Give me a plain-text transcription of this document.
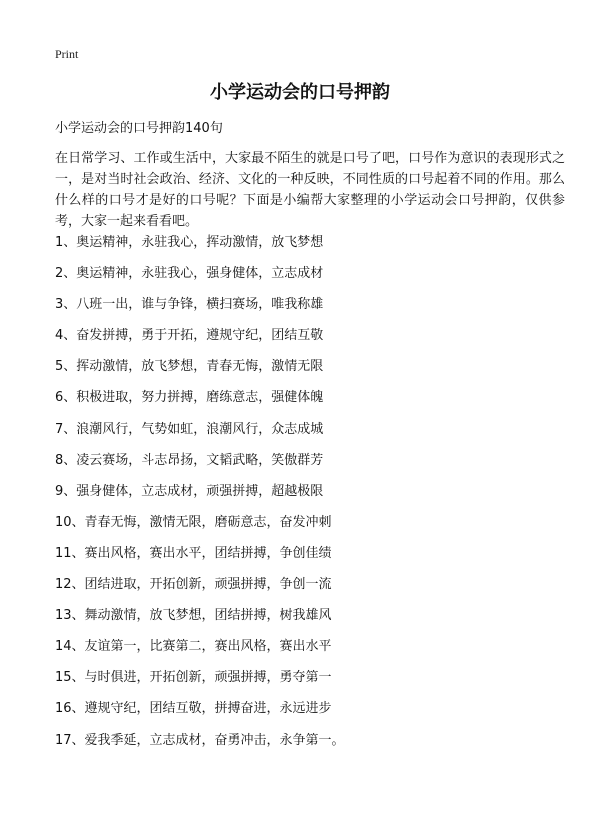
Print
小学运动会的口号押韵
小学运动会的口号押韵140句

在日常学习、工作或生活中，大家最不陌生的就是口号了吧，口号作为意识的表现形式之一，是对当时社会政治、经济、文化的一种反映，不同性质的口号起着不同的作用。那么什么样的口号才是好的口号呢？下面是小编帮大家整理的小学运动会口号押韵，仅供参考，大家一起来看看吧。

1、奥运精神，永驻我心，挥动激情，放飞梦想
2、奥运精神，永驻我心，强身健体，立志成材
3、八班一出，谁与争锋，横扫赛场，唯我称雄
4、奋发拼搏，勇于开拓，遵规守纪，团结互敬
5、挥动激情，放飞梦想，青春无悔，激情无限
6、积极进取，努力拼搏，磨练意志，强健体魄
7、浪潮风行，气势如虹，浪潮风行，众志成城
8、凌云赛场，斗志昂扬，文韬武略，笑傲群芳
9、强身健体，立志成材，顽强拼搏，超越极限
10、青春无悔，激情无限，磨砺意志，奋发冲刺
11、赛出风格，赛出水平，团结拼搏，争创佳绩
12、团结进取，开拓创新，顽强拼搏，争创一流
13、舞动激情，放飞梦想，团结拼搏，树我雄风
14、友谊第一，比赛第二，赛出风格，赛出水平
15、与时俱进，开拓创新，顽强拼搏，勇夺第一
16、遵规守纪，团结互敬，拼搏奋进，永远进步
17、爱我季延，立志成材，奋勇冲击，永争第一。
